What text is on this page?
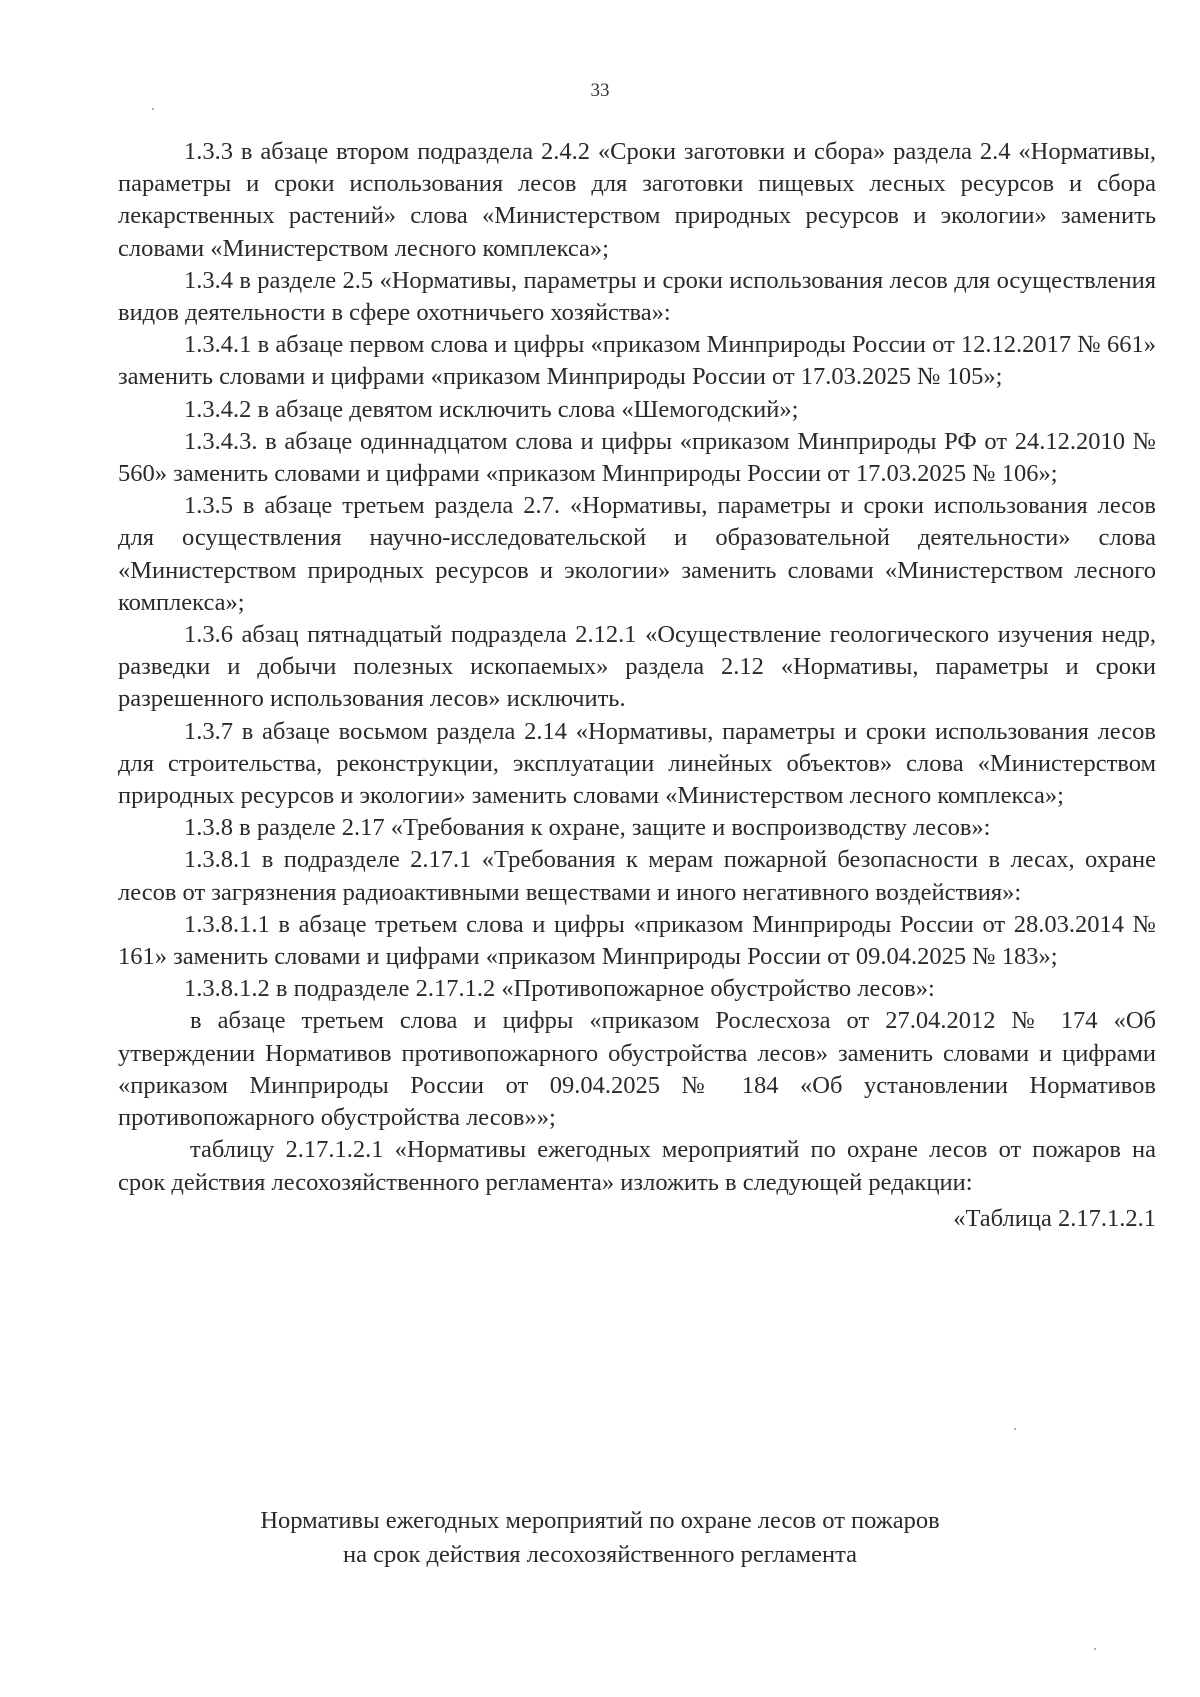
33

1.3.3 в абзаце втором подраздела 2.4.2 «Сроки заготовки и сбора» раздела 2.4 «Нормативы, параметры и сроки использования лесов для заготовки пищевых лесных ресурсов и сбора лекарственных растений» слова «Министерством природных ресурсов и экологии» заменить словами «Министерством лесного комплекса»;

1.3.4 в разделе 2.5 «Нормативы, параметры и сроки использования лесов для осуществления видов деятельности в сфере охотничьего хозяйства»:

1.3.4.1 в абзаце первом слова и цифры «приказом Минприроды России от 12.12.2017 № 661» заменить словами и цифрами «приказом Минприроды России от 17.03.2025 № 105»;

1.3.4.2 в абзаце девятом исключить слова «Шемогодский»;

1.3.4.3. в абзаце одиннадцатом слова и цифры «приказом Минприроды РФ от 24.12.2010 № 560» заменить словами и цифрами «приказом Минприроды России от 17.03.2025 № 106»;

1.3.5 в абзаце третьем раздела 2.7. «Нормативы, параметры и сроки использования лесов для осуществления научно-исследовательской и образовательной деятельности» слова «Министерством природных ресурсов и экологии» заменить словами «Министерством лесного комплекса»;

1.3.6 абзац пятнадцатый подраздела 2.12.1 «Осуществление геологического изучения недр, разведки и добычи полезных ископаемых» раздела 2.12 «Нормативы, параметры и сроки разрешенного использования лесов» исключить.

1.3.7 в абзаце восьмом раздела 2.14 «Нормативы, параметры и сроки использования лесов для строительства, реконструкции, эксплуатации линейных объектов» слова «Министерством природных ресурсов и экологии» заменить словами «Министерством лесного комплекса»;

1.3.8 в разделе 2.17 «Требования к охране, защите и воспроизводству лесов»:

1.3.8.1 в подразделе 2.17.1 «Требования к мерам пожарной безопасности в лесах, охране лесов от загрязнения радиоактивными веществами и иного негативного воздействия»:

1.3.8.1.1 в абзаце третьем слова и цифры «приказом Минприроды России от 28.03.2014 № 161» заменить словами и цифрами «приказом Минприроды России от 09.04.2025 № 183»;

1.3.8.1.2 в подразделе 2.17.1.2 «Противопожарное обустройство лесов»:

в абзаце третьем слова и цифры «приказом Рослесхоза от 27.04.2012 № 174 «Об утверждении Нормативов противопожарного обустройства лесов» заменить словами и цифрами «приказом Минприроды России от 09.04.2025 № 184 «Об установлении Нормативов противопожарного обустройства лесов»»;

таблицу 2.17.1.2.1 «Нормативы ежегодных мероприятий по охране лесов от пожаров на срок действия лесохозяйственного регламента» изложить в следующей редакции:

«Таблица 2.17.1.2.1

Нормативы ежегодных мероприятий по охране лесов от пожаров
на срок действия лесохозяйственного регламента
